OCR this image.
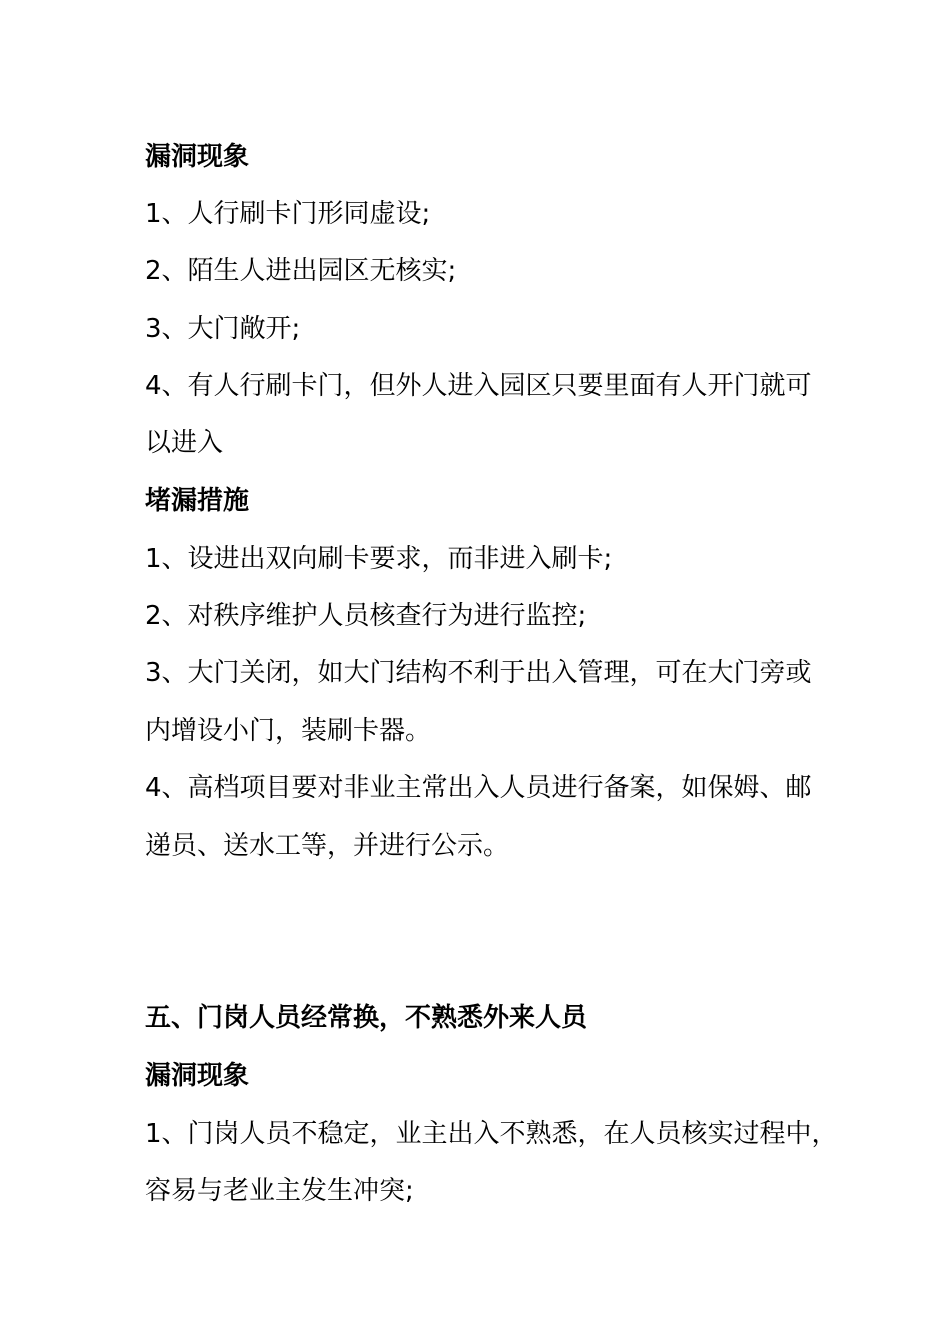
漏洞现象
1、人行刷卡门形同虚设;
2、陌生人进出园区无核实;
3、大门敞开;
4、有人行刷卡门，但外人进入园区只要里面有人开门就可
以进入
堵漏措施
1、设进出双向刷卡要求，而非进入刷卡;
2、对秩序维护人员核查行为进行监控;
3、大门关闭，如大门结构不利于出入管理，可在大门旁或
内增设小门，装刷卡器。
4、高档项目要对非业主常出入人员进行备案，如保姆、邮
递员、送水工等，并进行公示。
五、门岗人员经常换，不熟悉外来人员
漏洞现象
1、门岗人员不稳定，业主出入不熟悉，在人员核实过程中，
容易与老业主发生冲突;
